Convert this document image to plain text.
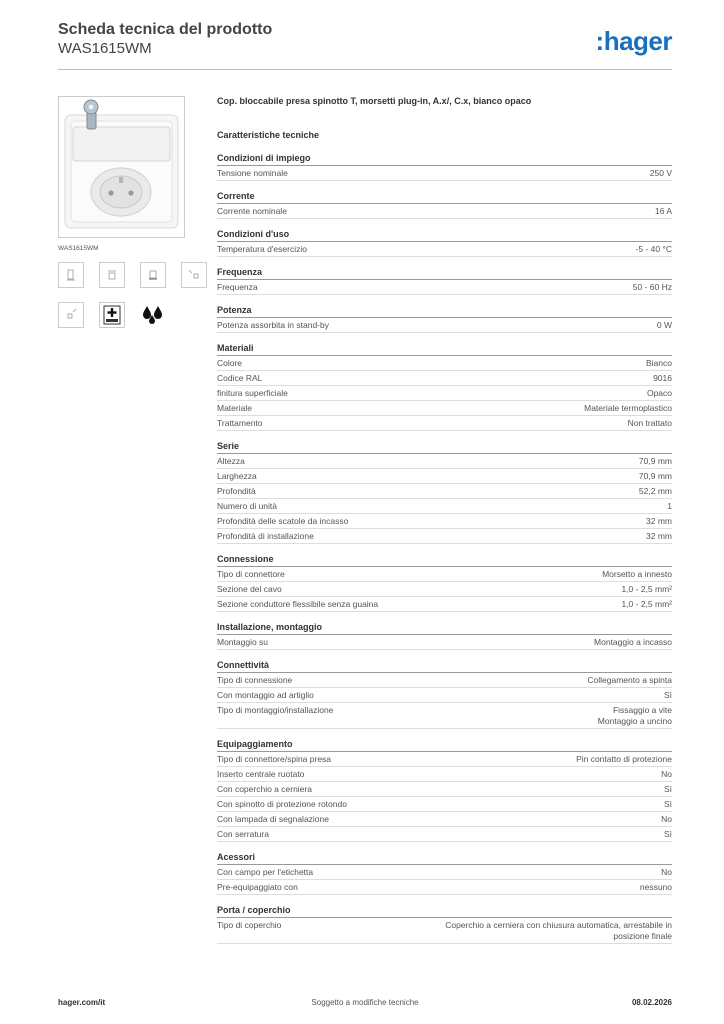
Scheda tecnica del prodotto
WAS1615WM	:hager
WAS1615WM
Cop. bloccabile presa spinotto T, morsetti plug-in, A.x/, C.x, bianco opaco
Caratteristiche tecniche
Condizioni di impiego
Tensione nominale	250 V
Corrente
Corrente nominale	16 A
Condizioni d'uso
Temperatura d'esercizio	-5 - 40 °C
Frequenza
Frequenza	50 - 60 Hz
Potenza
Potenza assorbita in stand-by	0 W
Materiali
Colore	Bianco
Codice RAL	9016
finitura superficiale	Opaco
Materiale	Materiale termoplastico
Trattamento	Non trattato
Serie
Altezza	70,9 mm
Larghezza	70,9 mm
Profondità	52,2 mm
Numero di unità	1
Profondità delle scatole da incasso	32 mm
Profondità di installazione	32 mm
Connessione
Tipo di connettore	Morsetto a innesto
Sezione del cavo	1,0 - 2,5 mm²
Sezione conduttore flessibile senza guaina	1,0 - 2,5 mm²
Installazione, montaggio
Montaggio su	Montaggio a incasso
Connettività
Tipo di connessione	Collegamento a spinta
Con montaggio ad artiglio	Sì
Tipo di montaggio/installazione	Fissaggio a vite
Montaggio a uncino
Equipaggiamento
Tipo di connettore/spina presa	Pin contatto di protezione
Inserto centrale ruotato	No
Con coperchio a cerniera	Sì
Con spinotto di protezione rotondo	Sì
Con lampada di segnalazione	No
Con serratura	Sì
Acessori
Con campo per l'etichetta	No
Pre-equipaggiato con	nessuno
Porta / coperchio
Tipo di coperchio	Coperchio a cerniera con chiusura automatica, arrestabile in
posizione finale
hager.com/it	Soggetto a modifiche tecniche	08.02.2026
